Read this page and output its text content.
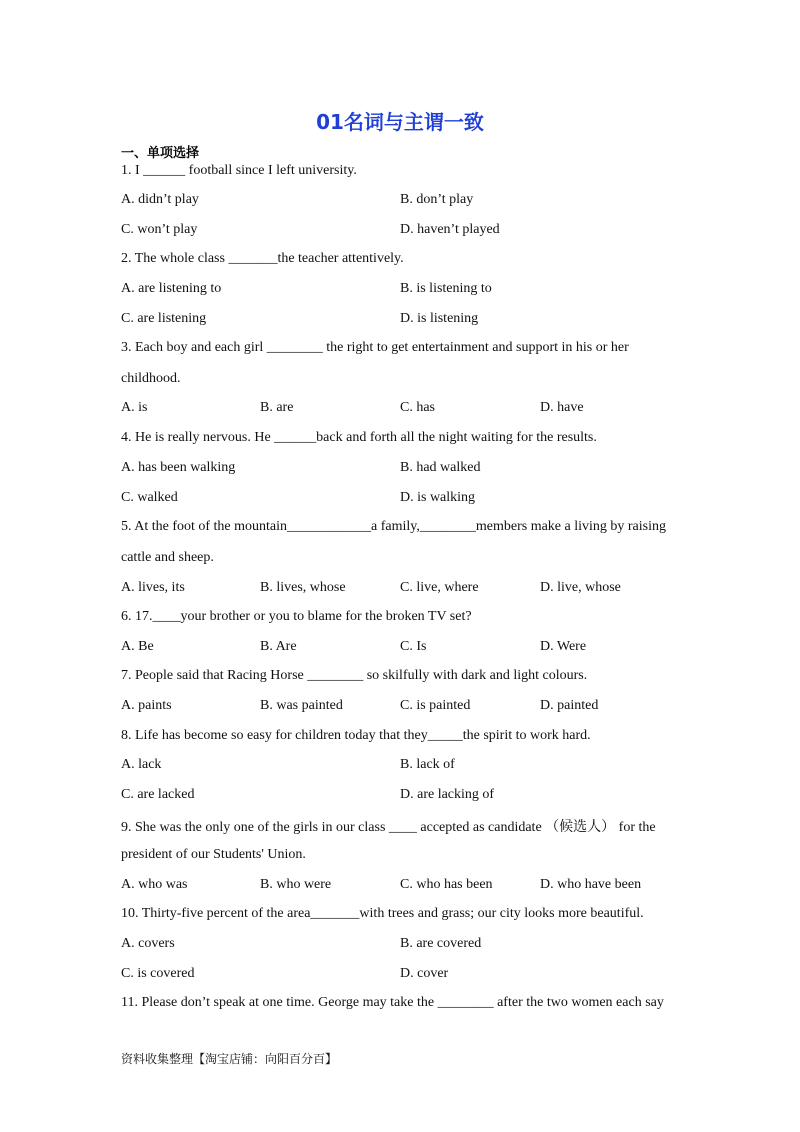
01名词与主谓一致
一、单项选择
1. I ______ football since I left university.
A. didn’t play	B. don’t play
C. won’t play	D. haven’t played
2. The whole class _______the teacher attentively.
A. are listening to	B. is listening to
C. are listening	D. is listening
3. Each boy and each girl ________ the right to get entertainment and support in his or her
childhood.
A. is	B. are	C. has	D. have
4. He is really nervous. He ______back and forth all the night waiting for the results.
A. has been walking	B. had walked
C. walked	D. is walking
5. At the foot of the mountain____________a family,________members make a living by raising
cattle and sheep.
A. lives, its	B. lives, whose	C. live, where	D. live, whose
6. 17.____your brother or you to blame for the broken TV set?
A. Be	B. Are	C. Is	D. Were
7. People said that Racing Horse ________ so skilfully with dark and light colours.
A. paints	B. was painted	C. is painted	D. painted
8. Life has become so easy for children today that they_____the spirit to work hard.
A. lack	B. lack of
C. are lacked	D. are lacking of
9. She was the only one of the girls in our class ____ accepted as candidate （候选人） for the
president of our Students' Union.
A. who was	B. who were	C. who has been	D. who have been
10. Thirty-five percent of the area_______with trees and grass; our city looks more beautiful.
A. covers	B. are covered
C. is covered	D. cover
11. Please don’t speak at one time. George may take the ________ after the two women each say
资料收集整理【淘宝店铺：向阳百分百】
